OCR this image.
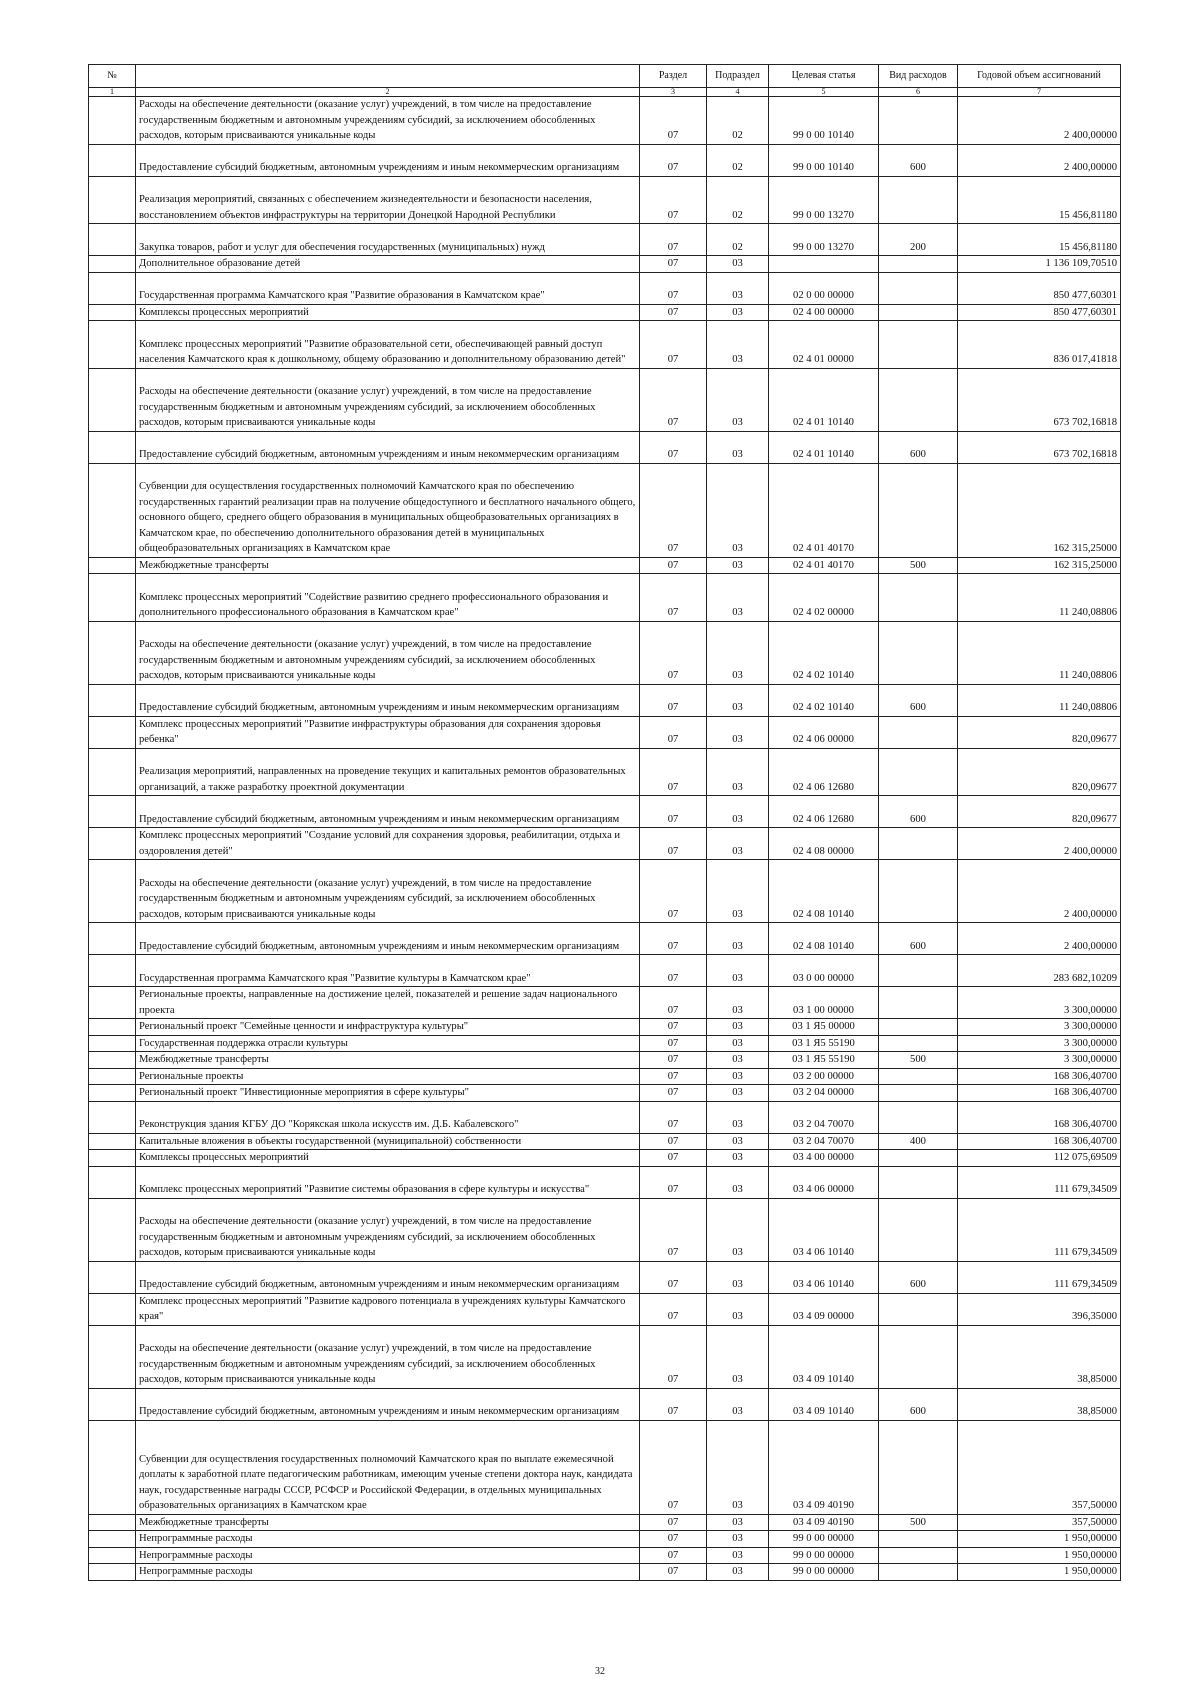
№		Раздел	Подраздел	Целевая статья	Вид расходов	Годовой объем ассигнований
1	2	3	4	5	6	7
	Расходы на обеспечение деятельности (оказание услуг) учреждений, в том числе на предоставление государственным бюджетным и автономным учреждениям субсидий, за исключением обособленных расходов, которым присваиваются уникальные коды	07	02	99 0 00 10140		2 400,00000
	Предоставление субсидий бюджетным, автономным учреждениям и иным некоммерческим организациям	07	02	99 0 00 10140	600	2 400,00000
	Реализация мероприятий, связанных с обеспечением жизнедеятельности и безопасности населения, восстановлением объектов инфраструктуры на территории Донецкой Народной Республики	07	02	99 0 00 13270		15 456,81180
	Закупка товаров, работ и услуг для обеспечения государственных (муниципальных) нужд	07	02	99 0 00 13270	200	15 456,81180
	Дополнительное образование детей	07	03			1 136 109,70510
	Государственная программа Камчатского края "Развитие образования в Камчатском крае"	07	03	02 0 00 00000		850 477,60301
	Комплексы процессных мероприятий	07	03	02 4 00 00000		850 477,60301
	Комплекс процессных мероприятий "Развитие образовательной сети, обеспечивающей равный доступ населения Камчатского края к дошкольному, общему образованию и дополнительному образованию детей"	07	03	02 4 01 00000		836 017,41818
	Расходы на обеспечение деятельности (оказание услуг) учреждений, в том числе на предоставление государственным бюджетным и автономным учреждениям субсидий, за исключением обособленных расходов, которым присваиваются уникальные коды	07	03	02 4 01 10140		673 702,16818
	Предоставление субсидий бюджетным, автономным учреждениям и иным некоммерческим организациям	07	03	02 4 01 10140	600	673 702,16818
	Субвенции для осуществления государственных полномочий Камчатского края по обеспечению государственных гарантий реализации прав на получение общедоступного и бесплатного начального общего, основного общего, среднего общего образования в муниципальных общеобразовательных организациях в Камчатском крае, по обеспечению дополнительного образования детей в муниципальных общеобразовательных организациях в Камчатском крае	07	03	02 4 01 40170		162 315,25000
	Межбюджетные трансферты	07	03	02 4 01 40170	500	162 315,25000
	Комплекс процессных мероприятий "Содействие развитию среднего профессионального образования и дополнительного профессионального образования в Камчатском крае"	07	03	02 4 02 00000		11 240,08806
	Расходы на обеспечение деятельности (оказание услуг) учреждений, в том числе на предоставление государственным бюджетным и автономным учреждениям субсидий, за исключением обособленных расходов, которым присваиваются уникальные коды	07	03	02 4 02 10140		11 240,08806
	Предоставление субсидий бюджетным, автономным учреждениям и иным некоммерческим организациям	07	03	02 4 02 10140	600	11 240,08806
	Комплекс процессных мероприятий "Развитие инфраструктуры образования для сохранения здоровья ребенка"	07	03	02 4 06 00000		820,09677
	Реализация мероприятий, направленных на проведение текущих и капитальных ремонтов образовательных организаций, а также разработку проектной документации	07	03	02 4 06 12680		820,09677
	Предоставление субсидий бюджетным, автономным учреждениям и иным некоммерческим организациям	07	03	02 4 06 12680	600	820,09677
	Комплекс процессных мероприятий "Создание условий для сохранения здоровья, реабилитации, отдыха и оздоровления детей"	07	03	02 4 08 00000		2 400,00000
	Расходы на обеспечение деятельности (оказание услуг) учреждений, в том числе на предоставление государственным бюджетным и автономным учреждениям субсидий, за исключением обособленных расходов, которым присваиваются уникальные коды	07	03	02 4 08 10140		2 400,00000
	Предоставление субсидий бюджетным, автономным учреждениям и иным некоммерческим организациям	07	03	02 4 08 10140	600	2 400,00000
	Государственная программа Камчатского края "Развитие культуры в Камчатском крае"	07	03	03 0 00 00000		283 682,10209
	Региональные проекты, направленные на достижение целей, показателей и решение задач национального проекта	07	03	03 1 00 00000		3 300,00000
	Региональный проект "Семейные ценности и инфраструктура культуры"	07	03	03 1 Я5 00000		3 300,00000
	Государственная поддержка отрасли культуры	07	03	03 1 Я5 55190		3 300,00000
	Межбюджетные трансферты	07	03	03 1 Я5 55190	500	3 300,00000
	Региональные проекты	07	03	03 2 00 00000		168 306,40700
	Региональный проект "Инвестиционные мероприятия в сфере культуры"	07	03	03 2 04 00000		168 306,40700
	Реконструкция здания КГБУ ДО "Корякская школа искусств им. Д.Б. Кабалевского"	07	03	03 2 04 70070		168 306,40700
	Капитальные вложения в объекты государственной (муниципальной) собственности	07	03	03 2 04 70070	400	168 306,40700
	Комплексы процессных мероприятий	07	03	03 4 00 00000		112 075,69509
	Комплекс процессных мероприятий "Развитие системы образования в сфере культуры и искусства"	07	03	03 4 06 00000		111 679,34509
	Расходы на обеспечение деятельности (оказание услуг) учреждений, в том числе на предоставление государственным бюджетным и автономным учреждениям субсидий, за исключением обособленных расходов, которым присваиваются уникальные коды	07	03	03 4 06 10140		111 679,34509
	Предоставление субсидий бюджетным, автономным учреждениям и иным некоммерческим организациям	07	03	03 4 06 10140	600	111 679,34509
	Комплекс процессных мероприятий "Развитие кадрового потенциала в учреждениях культуры Камчатского края"	07	03	03 4 09 00000		396,35000
	Расходы на обеспечение деятельности (оказание услуг) учреждений, в том числе на предоставление государственным бюджетным и автономным учреждениям субсидий, за исключением обособленных расходов, которым присваиваются уникальные коды	07	03	03 4 09 10140		38,85000
	Предоставление субсидий бюджетным, автономным учреждениям и иным некоммерческим организациям	07	03	03 4 09 10140	600	38,85000
	Субвенции для осуществления государственных полномочий Камчатского края по выплате ежемесячной доплаты к заработной плате педагогическим работникам, имеющим ученые степени доктора наук, кандидата наук, государственные награды СССР, РСФСР и Российской Федерации, в отдельных муниципальных образовательных организациях в Камчатском крае	07	03	03 4 09 40190		357,50000
	Межбюджетные трансферты	07	03	03 4 09 40190	500	357,50000
	Непрограммные расходы	07	03	99 0 00 00000		1 950,00000
	Непрограммные расходы	07	03	99 0 00 00000		1 950,00000
	Непрограммные расходы	07	03	99 0 00 00000		1 950,00000
32
